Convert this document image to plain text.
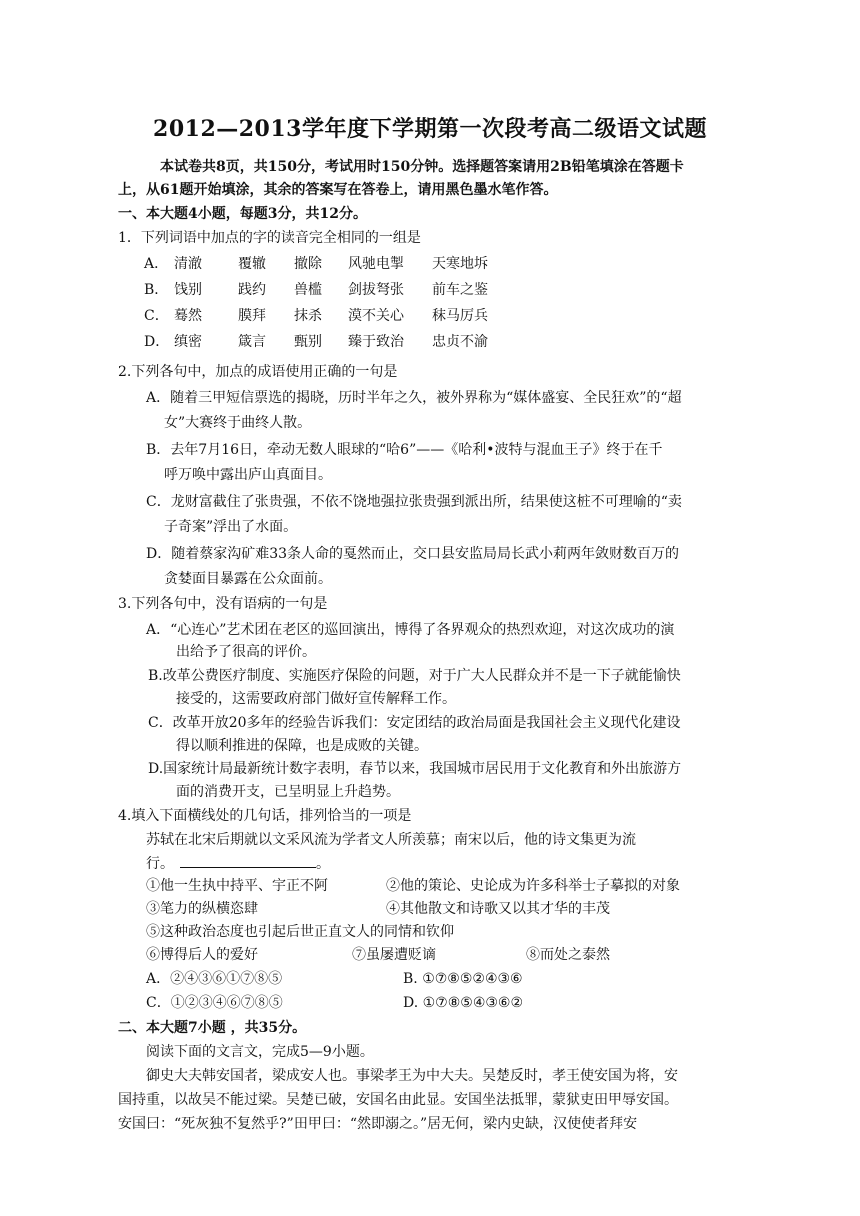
2012—2013学年度下学期第一次段考高二级语文试题
本试卷共8页，共150分，考试用时150分钟。选择题答案请用2B铅笔填涂在答题卡
上，从61题开始填涂，其余的答案写在答卷上，请用黑色墨水笔作答。
一、本大题4小题，每题3分，共12分。
1．下列词语中加点的字的读音完全相同的一组是
A． 清澈	覆辙 撤除 风驰电掣 天寒地坼
B． 饯别	践约 兽槛 剑拔弩张 前车之鉴
C． 蓦然	膜拜 抹杀 漠不关心 秣马厉兵
D． 缜密	箴言 甄别 臻于致治 忠贞不渝
2.下列各句中，加点的成语使用正确的一句是
A．随着三甲短信票选的揭晓，历时半年之久，被外界称为“媒体盛宴、全民狂欢”的“超
女”大赛终于曲终人散。
B．去年7月16日，牵动无数人眼球的“哈6”——《哈利•波特与混血王子》终于在千
呼万唤中露出庐山真面目。
C．龙财富截住了张贵强，不依不饶地强拉张贵强到派出所，结果使这桩不可理喻的“卖
子奇案”浮出了水面。
D．随着蔡家沟矿难33条人命的戛然而止，交口县安监局局长武小莉两年敛财数百万的
贪婪面目暴露在公众面前。
3.下列各句中，没有语病的一句是
A．“心连心”艺术团在老区的巡回演出，博得了各界观众的热烈欢迎，对这次成功的演
出给予了很高的评价。
B.改革公费医疗制度、实施医疗保险的问题，对于广大人民群众并不是一下子就能愉快
接受的，这需要政府部门做好宣传解释工作。
C．改革开放20多年的经验告诉我们：安定团结的政治局面是我国社会主义现代化建设
得以顺利推进的保障，也是成败的关键。
D.国家统计局最新统计数字表明，春节以来，我国城市居民用于文化教育和外出旅游方
面的消费开支，已呈明显上升趋势。
4.填入下面横线处的几句话，排列恰当的一项是
苏轼在北宋后期就以文采风流为学者文人所羡慕；南宋以后，他的诗文集更为流
行。	。
①他一生执中持平、宇正不阿	②他的策论、史论成为许多科举士子摹拟的对象
③笔力的纵横恣肆	④其他散文和诗歌又以其才华的丰茂
⑤这种政治态度也引起后世正直文人的同情和钦仰
⑥博得后人的爱好	⑦虽屡遭贬谪	⑧而处之泰然
A．②④③⑥①⑦⑧⑤	B. ①⑦⑧⑤②④③⑥
C．①②③④⑥⑦⑧⑤	D. ①⑦⑧⑤④③⑥②
二、本大题7小题 ，共35分。
阅读下面的文言文，完成5—9小题。
御史大夫韩安国者，梁成安人也。事梁孝王为中大夫。吴楚反时，孝王使安国为将，安
国持重，以故吴不能过梁。吴楚已破，安国名由此显。安国坐法抵罪，蒙狱吏田甲辱安国。
安国曰：“死灰独不复然乎?”田甲曰：“然即溺之。”居无何，梁内史缺，汉使使者拜安
